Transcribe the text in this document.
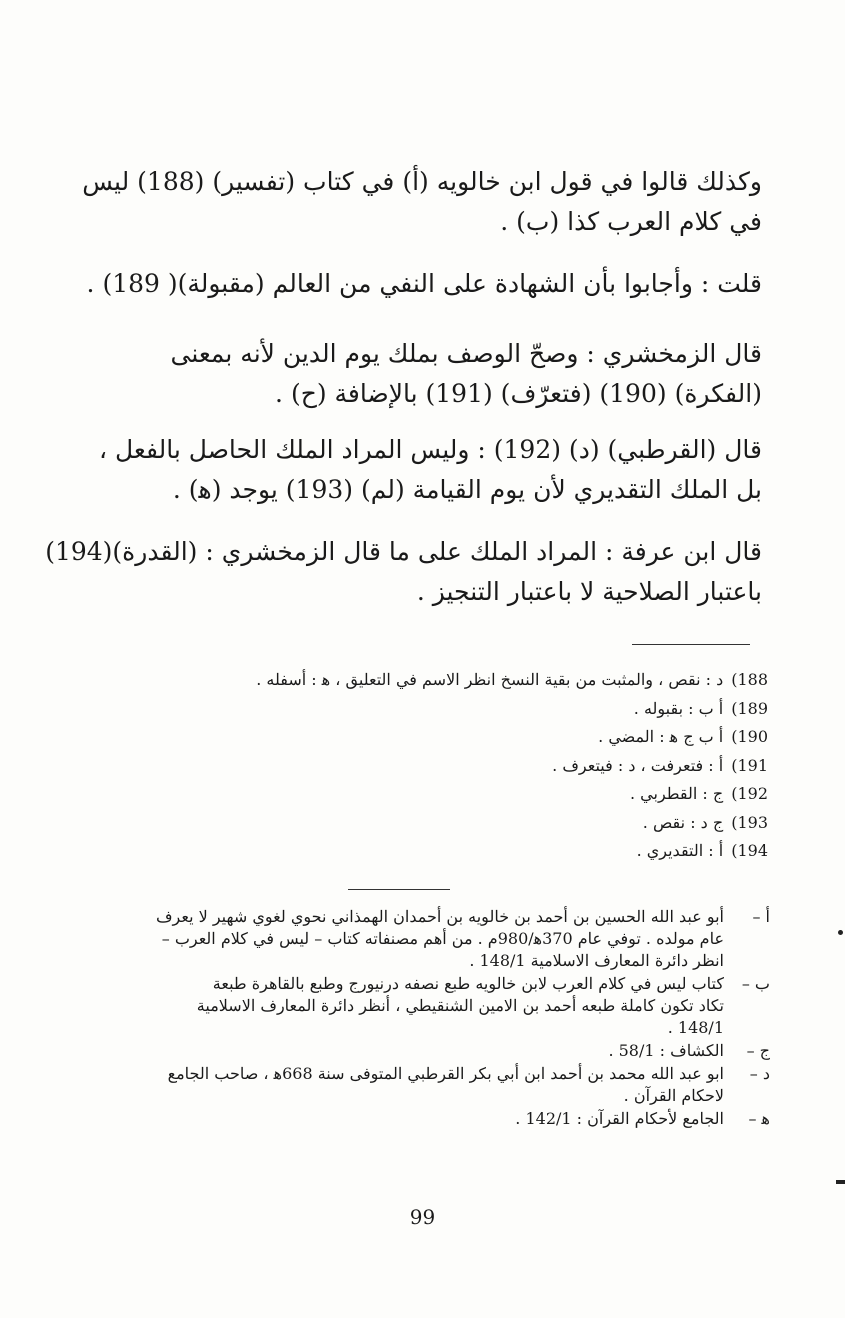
وكذلك قالوا في قول ابن خالويه (أ) في كتاب (تفسير) (188) ليس
في كلام العرب كذا (ب) .
قلت : وأجابوا بأن الشهادة على النفي من العالم (مقبولة)( 189) .
قال الزمخشري : وصحّ الوصف بملك يوم الدين لأنه بمعنى
(الفكرة) (190) (فتعرّف) (191) بالإضافة (ح) .
قال (القرطبي) (د) (192) : وليس المراد الملك الحاصل بالفعل ،
بل الملك التقديري لأن يوم القيامة (لم) (193) يوجد (ﻫ) .
قال ابن عرفة : المراد الملك على ما قال الزمخشري : (القدرة)(194)
باعتبار الصلاحية لا باعتبار التنجيز .
188)د : نقص ، والمثبت من بقية النسخ انظر الاسم في التعليق ، ﻫ : أسفله .
189)أ ب : بقبوله .
190)أ ب ج ﻫ : المضي .
191)أ : فتعرفت ، د : فيتعرف .
192)ج : القطربي .
193)ج د : نقص .
194)أ : التقديري .
أ –
أبو عبد الله الحسين بن أحمد بن خالويه بن أحمدان الهمذاني نحوي لغوي شهير لا يعرف
عام مولده . توفي عام 370ﻫ/980م . من أهم مصنفاته كتاب – ليس في كلام العرب –
انظر دائرة المعارف الاسلامية 148/1 .
ب –
كتاب ليس في كلام العرب لابن خالويه طبع نصفه درنيورج وطبع بالقاهرة طبعة
تكاد تكون كاملة طبعه أحمد بن الامين الشنقيطي ، أنظر دائرة المعارف الاسلامية
148/1 .
ج –
الكشاف : 58/1 .
د –
ابو عبد الله محمد بن أحمد ابن أبي بكر القرطبي المتوفى سنة 668ﻫ ، صاحب الجامع
لاحكام القرآن .
ﻫ –
الجامع لأحكام القرآن : 142/1 .
99
